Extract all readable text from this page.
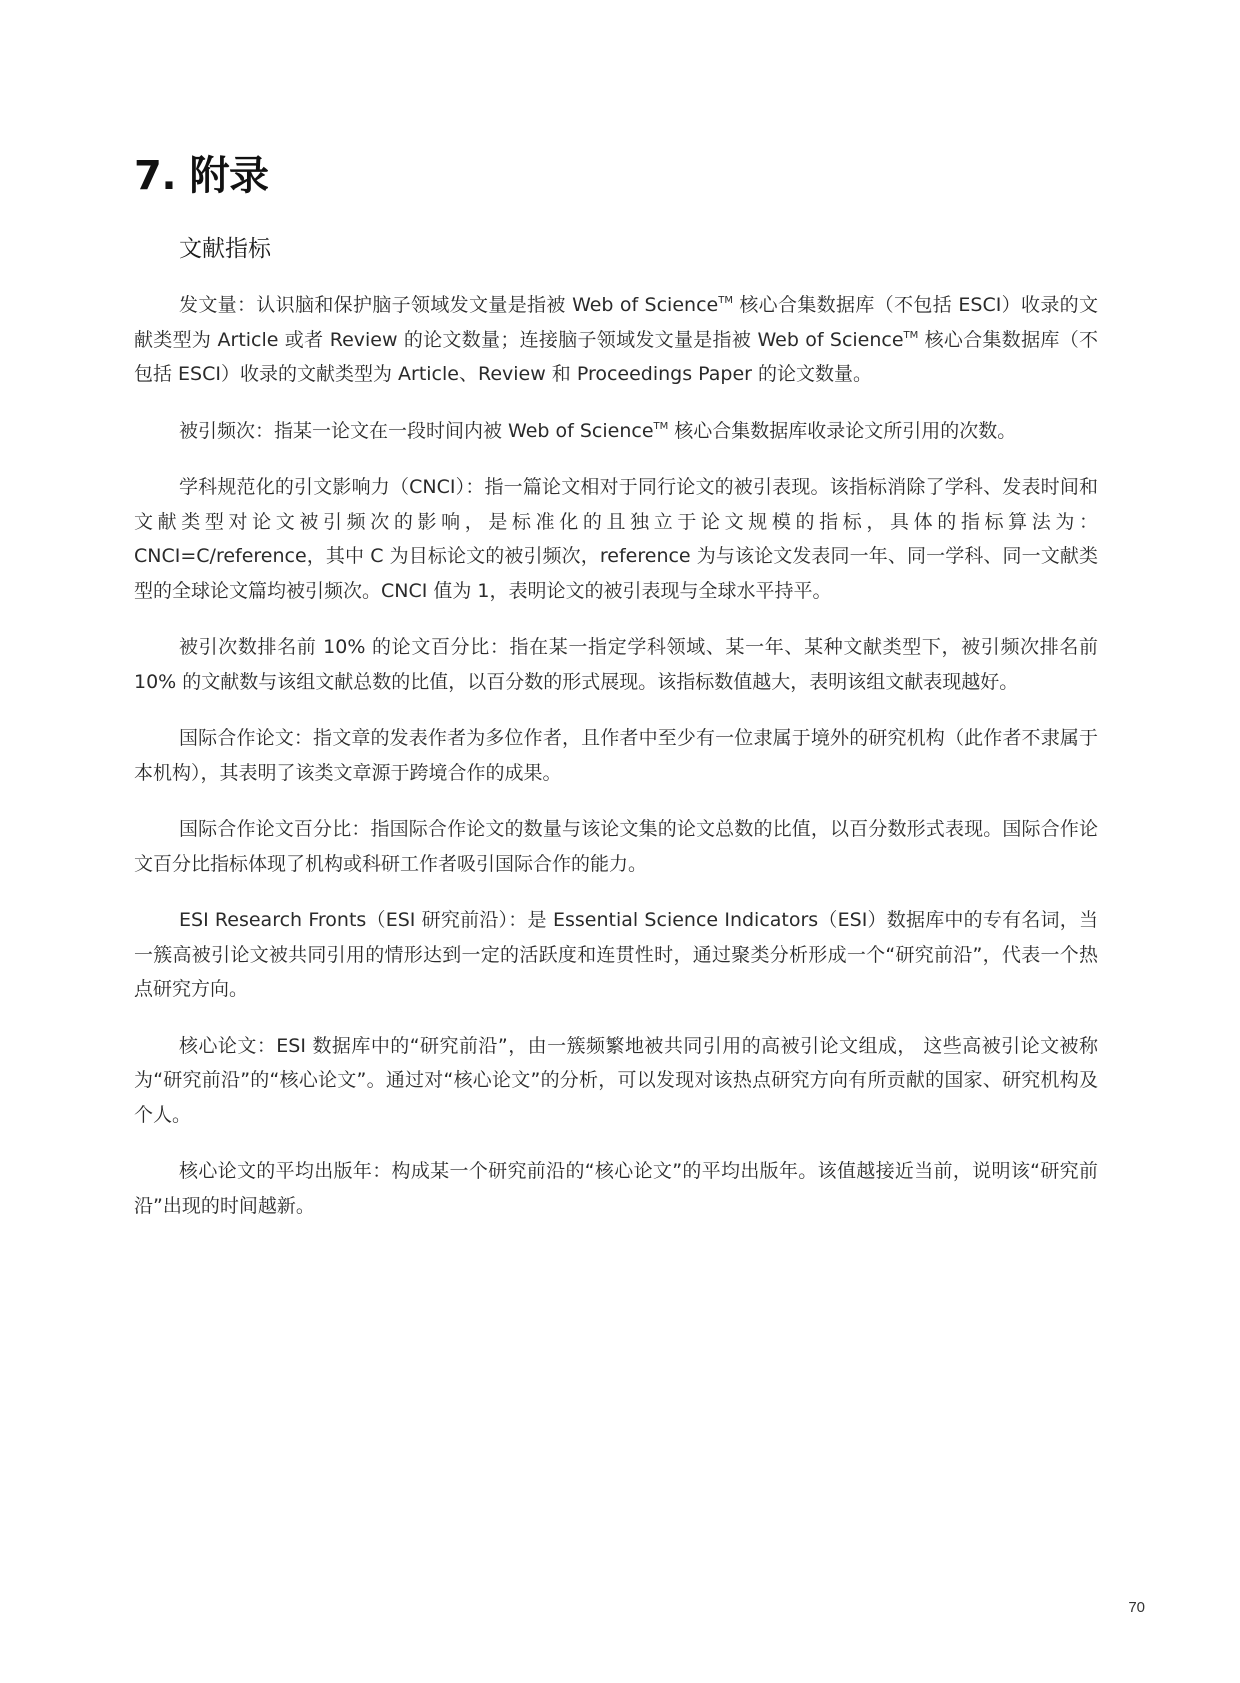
7. 附录
文献指标

发文量：认识脑和保护脑子领域发文量是指被 Web of Science™ 核心合集数据库（不包括 ESCI）收录的文献类型为 Article 或者 Review 的论文数量；连接脑子领域发文量是指被 Web of Science™ 核心合集数据库（不包括 ESCI）收录的文献类型为 Article、Review 和 Proceedings Paper 的论文数量。

被引频次：指某一论文在一段时间内被 Web of Science™ 核心合集数据库收录论文所引用的次数。

学科规范化的引文影响力（CNCI）：指一篇论文相对于同行论文的被引表现。该指标消除了学科、发表时间和文献类型对论文被引频次的影响，是标准化的且独立于论文规模的指标，具体的指标算法为：CNCI=C/reference，其中 C 为目标论文的被引频次，reference 为与该论文发表同一年、同一学科、同一文献类型的全球论文篇均被引频次。CNCI 值为 1，表明论文的被引表现与全球水平持平。

被引次数排名前 10% 的论文百分比：指在某一指定学科领域、某一年、某种文献类型下，被引频次排名前 10% 的文献数与该组文献总数的比值，以百分数的形式展现。该指标数值越大，表明该组文献表现越好。

国际合作论文：指文章的发表作者为多位作者，且作者中至少有一位隶属于境外的研究机构（此作者不隶属于本机构），其表明了该类文章源于跨境合作的成果。

国际合作论文百分比：指国际合作论文的数量与该论文集的论文总数的比值，以百分数形式表现。国际合作论文百分比指标体现了机构或科研工作者吸引国际合作的能力。

ESI Research Fronts（ESI 研究前沿）：是 Essential Science Indicators（ESI）数据库中的专有名词，当一簇高被引论文被共同引用的情形达到一定的活跃度和连贯性时，通过聚类分析形成一个“研究前沿”，代表一个热点研究方向。

核心论文：ESI 数据库中的“研究前沿”，由一簇频繁地被共同引用的高被引论文组成， 这些高被引论文被称为“研究前沿”的“核心论文”。通过对“核心论文”的分析，可以发现对该热点研究方向有所贡献的国家、研究机构及个人。

核心论文的平均出版年：构成某一个研究前沿的“核心论文”的平均出版年。该值越接近当前，说明该“研究前沿”出现的时间越新。

70
